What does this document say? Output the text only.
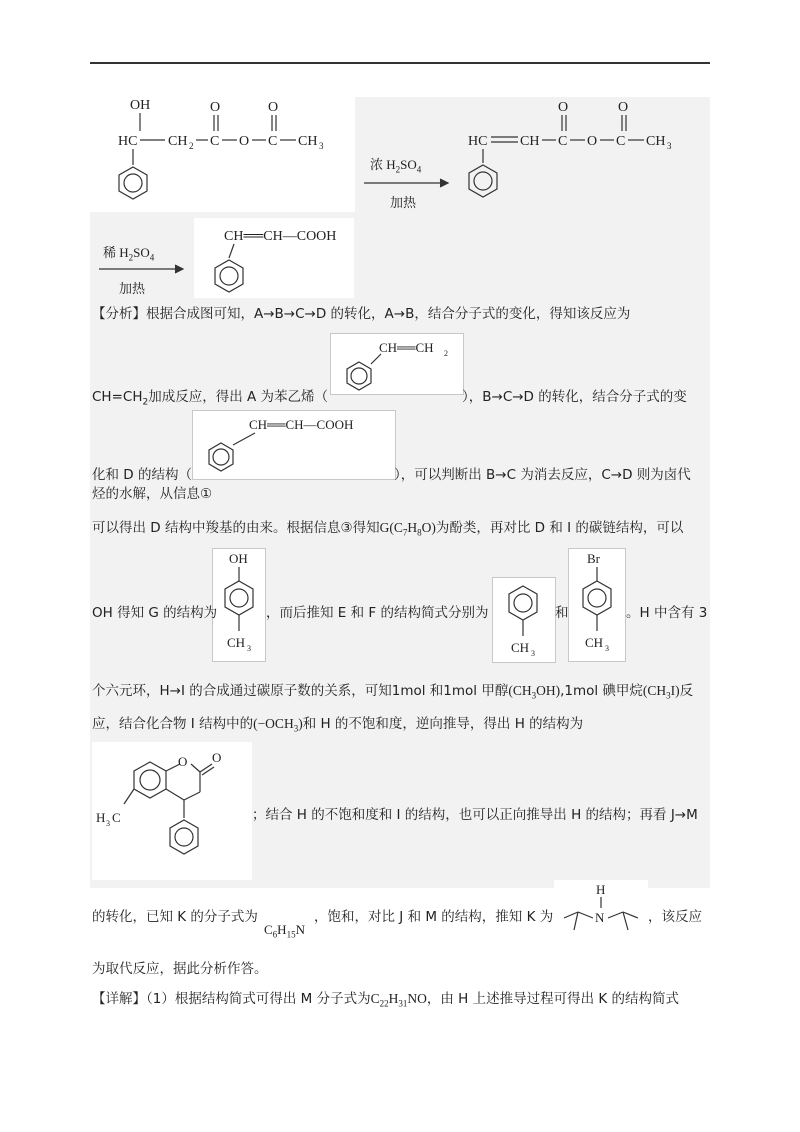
OH
HC CH 2 C
O
O C
O
CH 3
浓 $H_2SO_4$
加热
HC CH C
O
O C
O
CH 3
稀 $H_2SO_4$
加热
CH══CH—COOH
【分析】根据合成图可知，A→B→C→D 的转化，A→B，结合分子式的变化，得知该反应为
CH══CH 2
$CH=CH_2$加成反应，得出 A 为苯乙烯（	），B→C→D 的转化，结合分子式的变
CH══CH—COOH
化和 D 的结构（	），可以判断出 B→C 为消去反应，C→D 则为卤代
烃的水解，从信息①
可以得出 D 结构中羧基的由来。根据信息③得知$G(C_7H_8O)$为酚类，再对比 D 和 I 的碳链结构，可以
OH
CH 3
OH 得知 G 的结构为	，而后推知 E 和 F 的结构简式分别为
CH 3
和
Br
CH 3
。H 中含有 3
个六元环，H→I 的合成通过碳原子数的关系，可知1mol 和1mol 甲醇$(CH_3OH),1mol$ 碘甲烷$(CH_3I)$反
应，结合化合物 I 结构中的$(-OCH_3)$和 H 的不饱和度，逆向推导，得出 H 的结构为
O O
H 3 C	；结合 H 的不饱和度和 I 的结构，也可以正向推导出 H 的结构；再看 J→M
的转化，已知 K 的分子式为
$C_6H_{15}N$
，饱和，对比 J 和 M 的结构，推知 K 为
H
N	，该反应
为取代反应，据此分析作答。
【详解】（1）根据结构简式可得出 M 分子式为$C_{22}H_{31}NO$，由 H 上述推导过程可得出 K 的结构简式
